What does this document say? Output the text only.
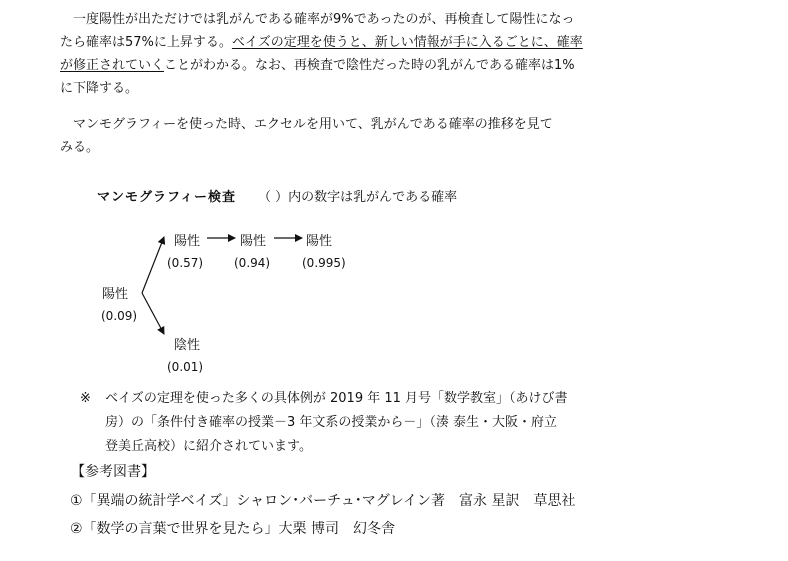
　一度陽性が出ただけでは乳がんである確率が9%であったのが、再検査して陽性になっ
たら確率は57%に上昇する。ベイズの定理を使うと、新しい情報が手に入るごとに、確率
が修正されていくことがわかる。なお、再検査で陰性だった時の乳がんである確率は1%
に下降する。
　マンモグラフィーを使った時、エクセルを用いて、乳がんである確率の推移を見て
みる。
マンモグラフィー検査 （ ）内の数字は乳がんである確率
陽性
(0.09)
陽性
(0.57)
陽性
(0.94)
陽性
(0.995)
陰性
(0.01)
※ ベイズの定理を使った多くの具体例が 2019 年 11 月号「数学教室」（あけび書
房）の「条件付き確率の授業－3 年文系の授業から－」（湊 泰生・大阪・府立
登美丘高校）に紹介されています。
【参考図書】
①「異端の統計学ベイズ」シャロン･バーチュ･マグレイン著　富永 星訳　草思社
②「数学の言葉で世界を見たら」大栗 博司　幻冬舎
